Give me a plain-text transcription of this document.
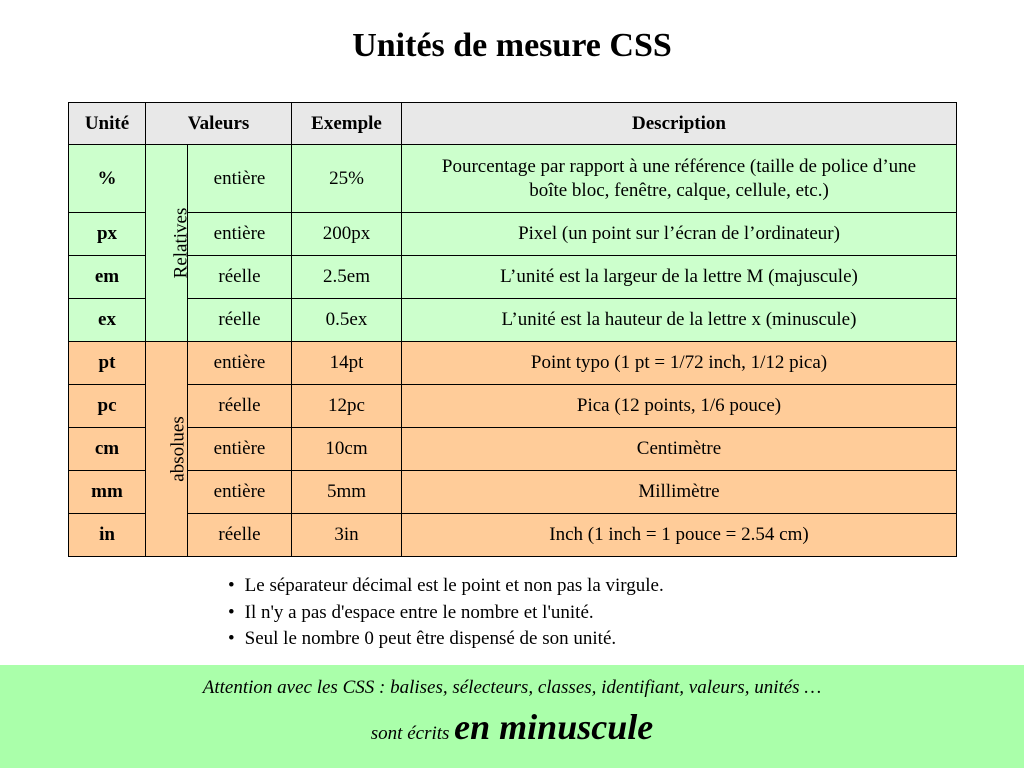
Unités de mesure CSS
Unité	Valeurs		Exemple	Description
%	Relatives	entière	25%	Pourcentage par rapport à une référence (taille de police d’une boîte bloc, fenêtre, calque, cellule, etc.)
px		entière	200px	Pixel (un point sur l’écran de l’ordinateur)
em		réelle	2.5em	L’unité est la largeur de la lettre M (majuscule)
ex		réelle	0.5ex	L’unité est la hauteur de la lettre x (minuscule)
pt	absolues	entière	14pt	Point typo (1 pt = 1/72 inch, 1/12 pica)
pc		réelle	12pc	Pica (12 points, 1/6 pouce)
cm		entière	10cm	Centimètre
mm		entière	5mm	Millimètre
in		réelle	3in	Inch (1 inch = 1 pouce = 2.54 cm)
• Le séparateur décimal est le point et non pas la virgule.
• Il n'y a pas d'espace entre le nombre et l'unité.
• Seul le nombre 0 peut être dispensé de son unité.
Attention avec les CSS : balises, sélecteurs, classes, identifiant, valeurs, unités …
sont écrits en minuscule
